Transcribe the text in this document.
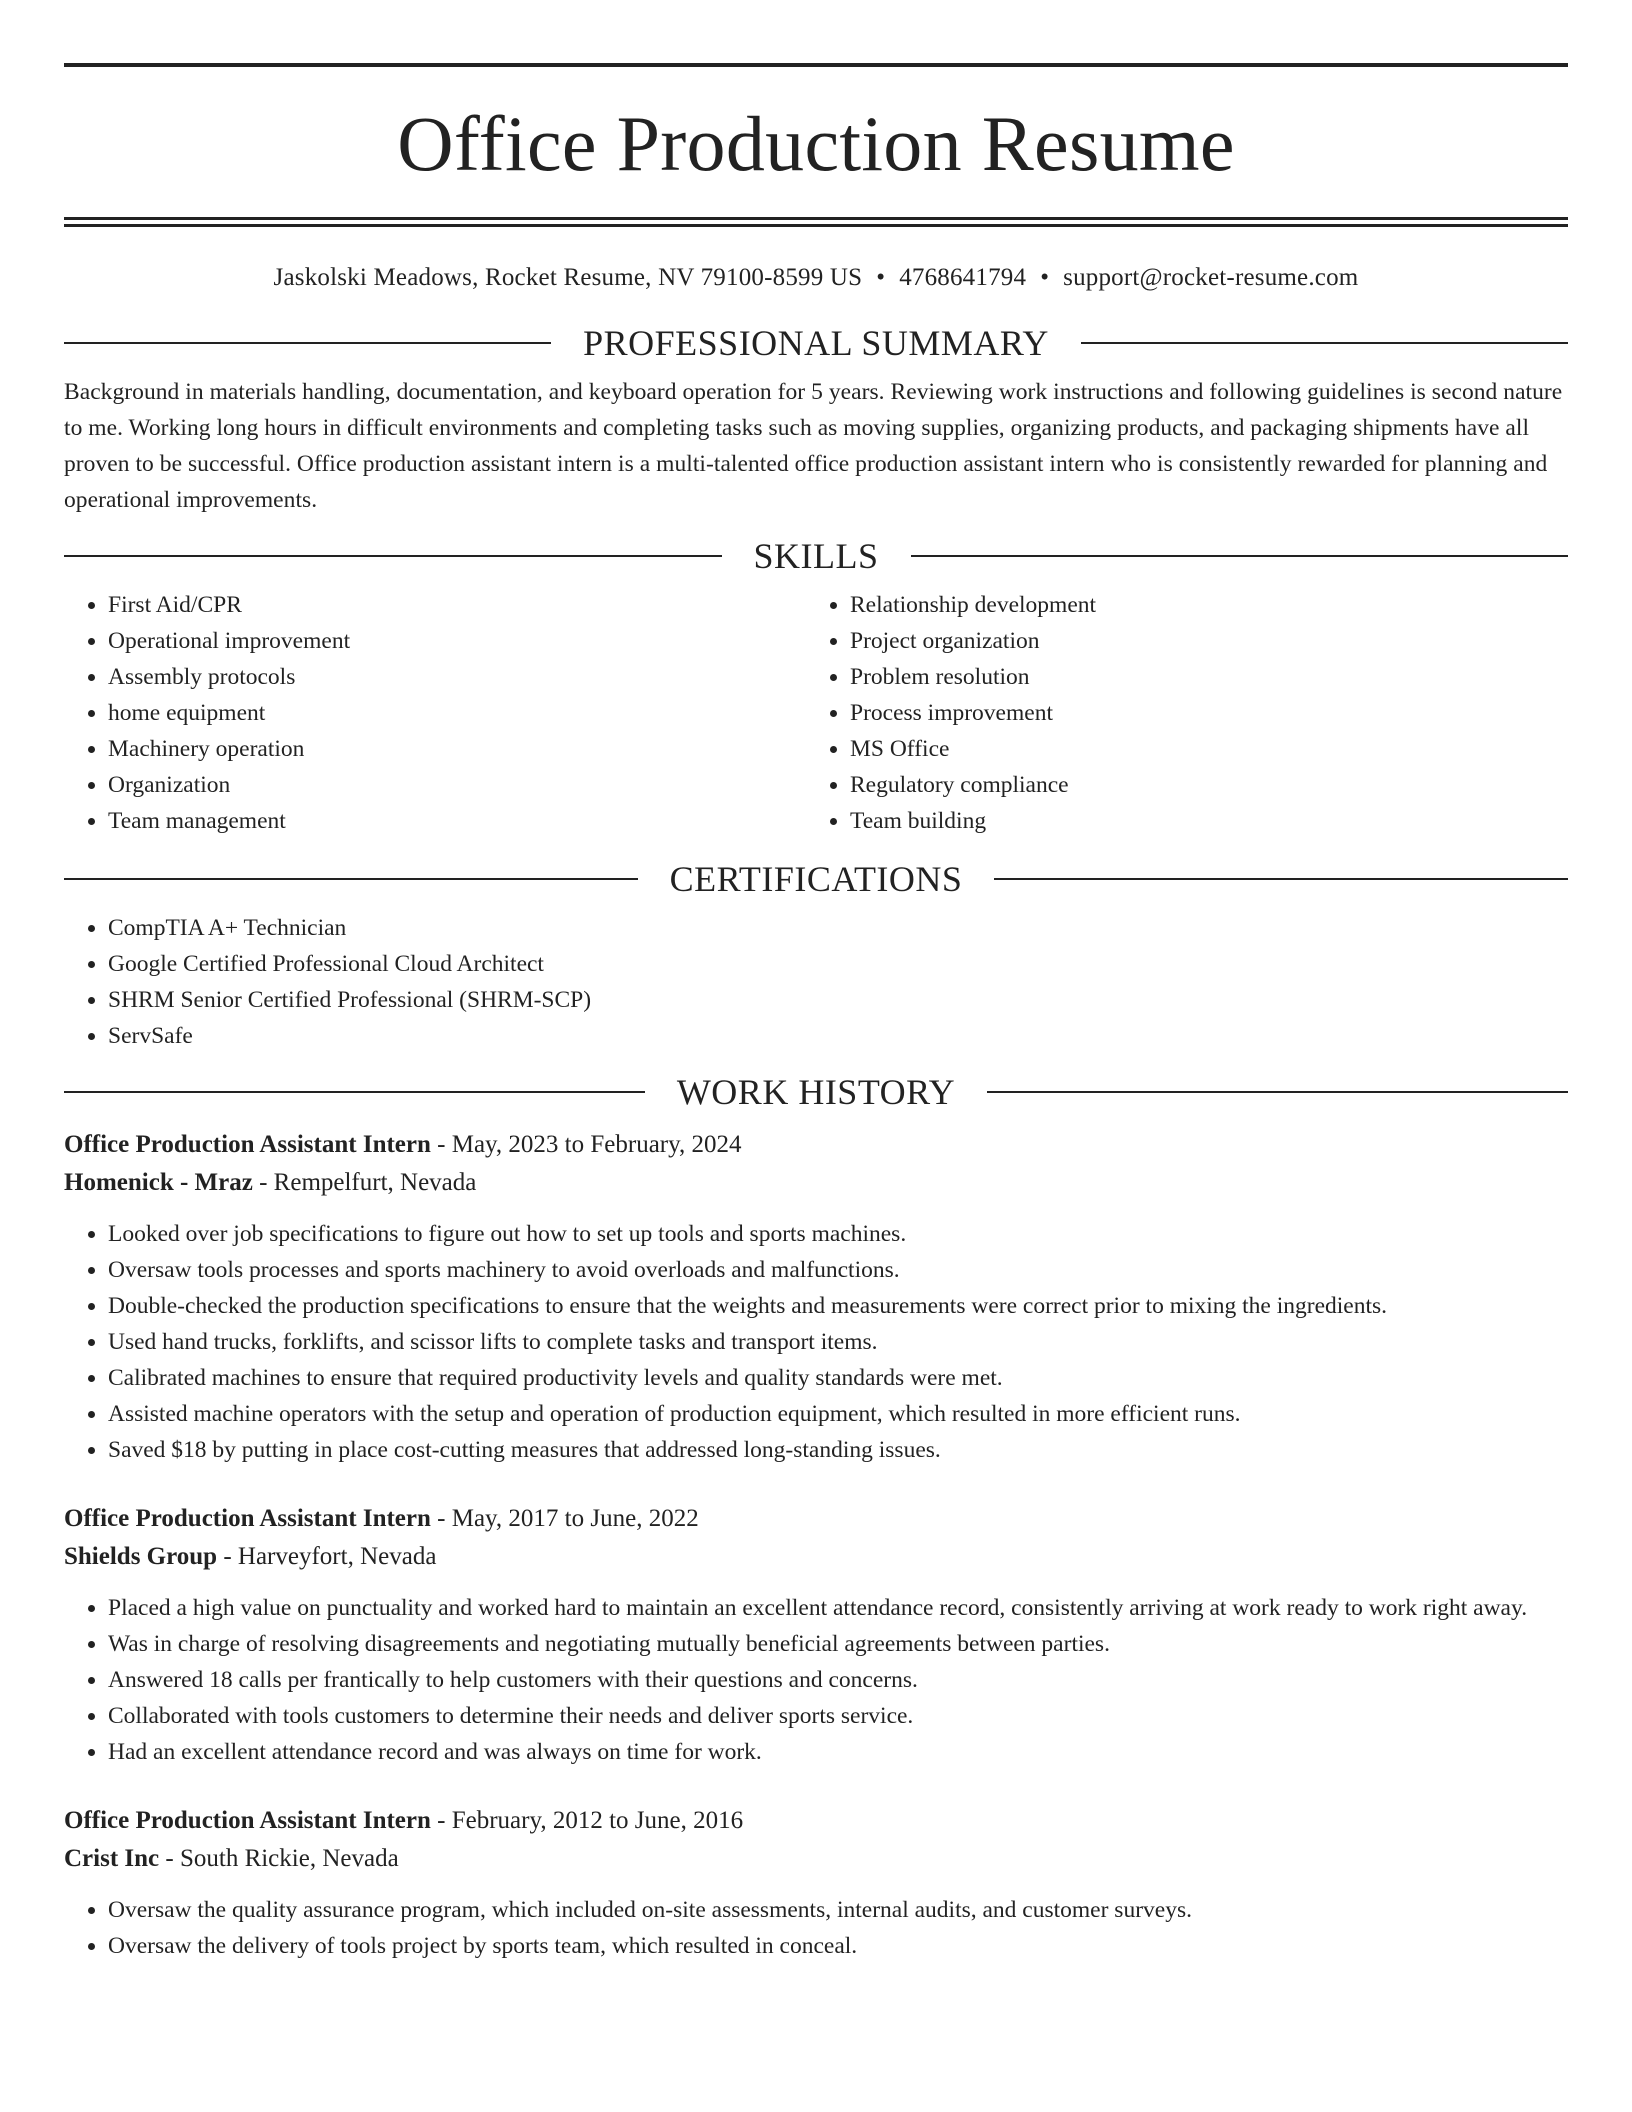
Office Production Resume
Jaskolski Meadows, Rocket Resume, NV 79100-8599 US • 4768641794 • support@rocket-resume.com
PROFESSIONAL SUMMARY

Background in materials handling, documentation, and keyboard operation for 5 years. Reviewing work instructions and following guidelines is second nature to me. Working long hours in difficult environments and completing tasks such as moving supplies, organizing products, and packaging shipments have all proven to be successful. Office production assistant intern is a multi-talented office production assistant intern who is consistently rewarded for planning and operational improvements.

SKILLS
• First Aid/CPR
• Operational improvement
• Assembly protocols
• home equipment
• Machinery operation
• Organization
• Team management
• Relationship development
• Project organization
• Problem resolution
• Process improvement
• MS Office
• Regulatory compliance
• Team building
CERTIFICATIONS
• CompTIA A+ Technician
• Google Certified Professional Cloud Architect
• SHRM Senior Certified Professional (SHRM-SCP)
• ServSafe
WORK HISTORY
Office Production Assistant Intern - May, 2023 to February, 2024
Homenick - Mraz - Rempelfurt, Nevada
• Looked over job specifications to figure out how to set up tools and sports machines.
• Oversaw tools processes and sports machinery to avoid overloads and malfunctions.
• Double-checked the production specifications to ensure that the weights and measurements were correct prior to mixing the ingredients.
• Used hand trucks, forklifts, and scissor lifts to complete tasks and transport items.
• Calibrated machines to ensure that required productivity levels and quality standards were met.
• Assisted machine operators with the setup and operation of production equipment, which resulted in more efficient runs.
• Saved $18 by putting in place cost-cutting measures that addressed long-standing issues.
Office Production Assistant Intern - May, 2017 to June, 2022
Shields Group - Harveyfort, Nevada
• Placed a high value on punctuality and worked hard to maintain an excellent attendance record, consistently arriving at work ready to work right away.
• Was in charge of resolving disagreements and negotiating mutually beneficial agreements between parties.
• Answered 18 calls per frantically to help customers with their questions and concerns.
• Collaborated with tools customers to determine their needs and deliver sports service.
• Had an excellent attendance record and was always on time for work.
Office Production Assistant Intern - February, 2012 to June, 2016
Crist Inc - South Rickie, Nevada
• Oversaw the quality assurance program, which included on-site assessments, internal audits, and customer surveys.
• Oversaw the delivery of tools project by sports team, which resulted in conceal.
